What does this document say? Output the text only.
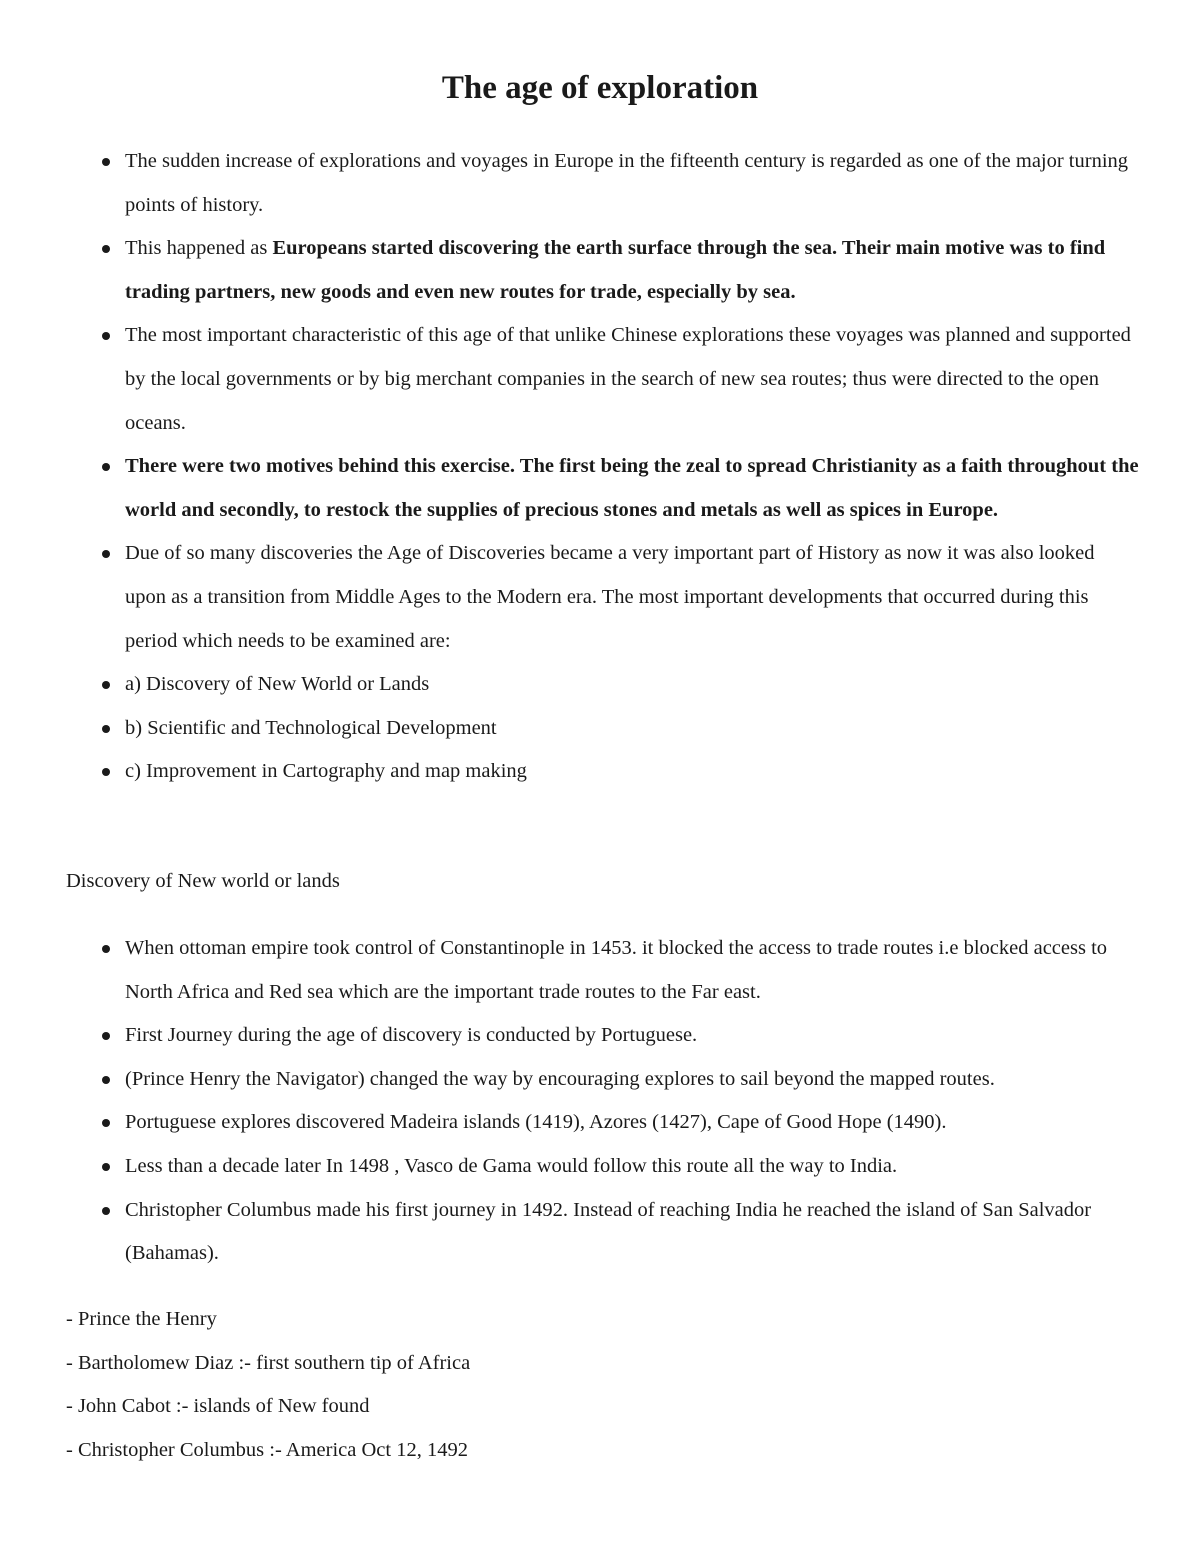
The age of exploration
The sudden increase of explorations and voyages in Europe in the fifteenth century is regarded as one of the major turning points of history.
This happened as Europeans started discovering the earth surface through the sea. Their main motive was to find trading partners, new goods and even new routes for trade, especially by sea.
The most important characteristic of this age of that unlike Chinese explorations these voyages was planned and supported by the local governments or by big merchant companies in the search of new sea routes; thus were directed to the open oceans.
There were two motives behind this exercise. The first being the zeal to spread Christianity as a faith throughout the world and secondly, to restock the supplies of precious stones and metals as well as spices in Europe.
Due of so many discoveries the Age of Discoveries became a very important part of History as now it was also looked upon as a transition from Middle Ages to the Modern era. The most important developments that occurred during this period which needs to be examined are:
a) Discovery of New World or Lands
b) Scientific and Technological Development
c) Improvement in Cartography and map making

Discovery of New world or lands

When ottoman empire took control of Constantinople in 1453. it blocked the access to trade routes i.e blocked access to North Africa and Red sea which are the important trade routes to the Far east.
First Journey during the age of discovery is conducted by Portuguese.
(Prince Henry the Navigator) changed the way by encouraging explores to sail beyond the mapped routes.
Portuguese explores discovered Madeira islands (1419), Azores (1427), Cape of Good Hope (1490).
Less than a decade later In 1498 , Vasco de Gama would follow this route all the way to India.
Christopher Columbus made his first journey in 1492. Instead of reaching India he reached the island of San Salvador (Bahamas).
- Prince the Henry
- Bartholomew Diaz :- first southern tip of Africa
- John Cabot :- islands of New found
- Christopher Columbus :- America Oct 12, 1492
